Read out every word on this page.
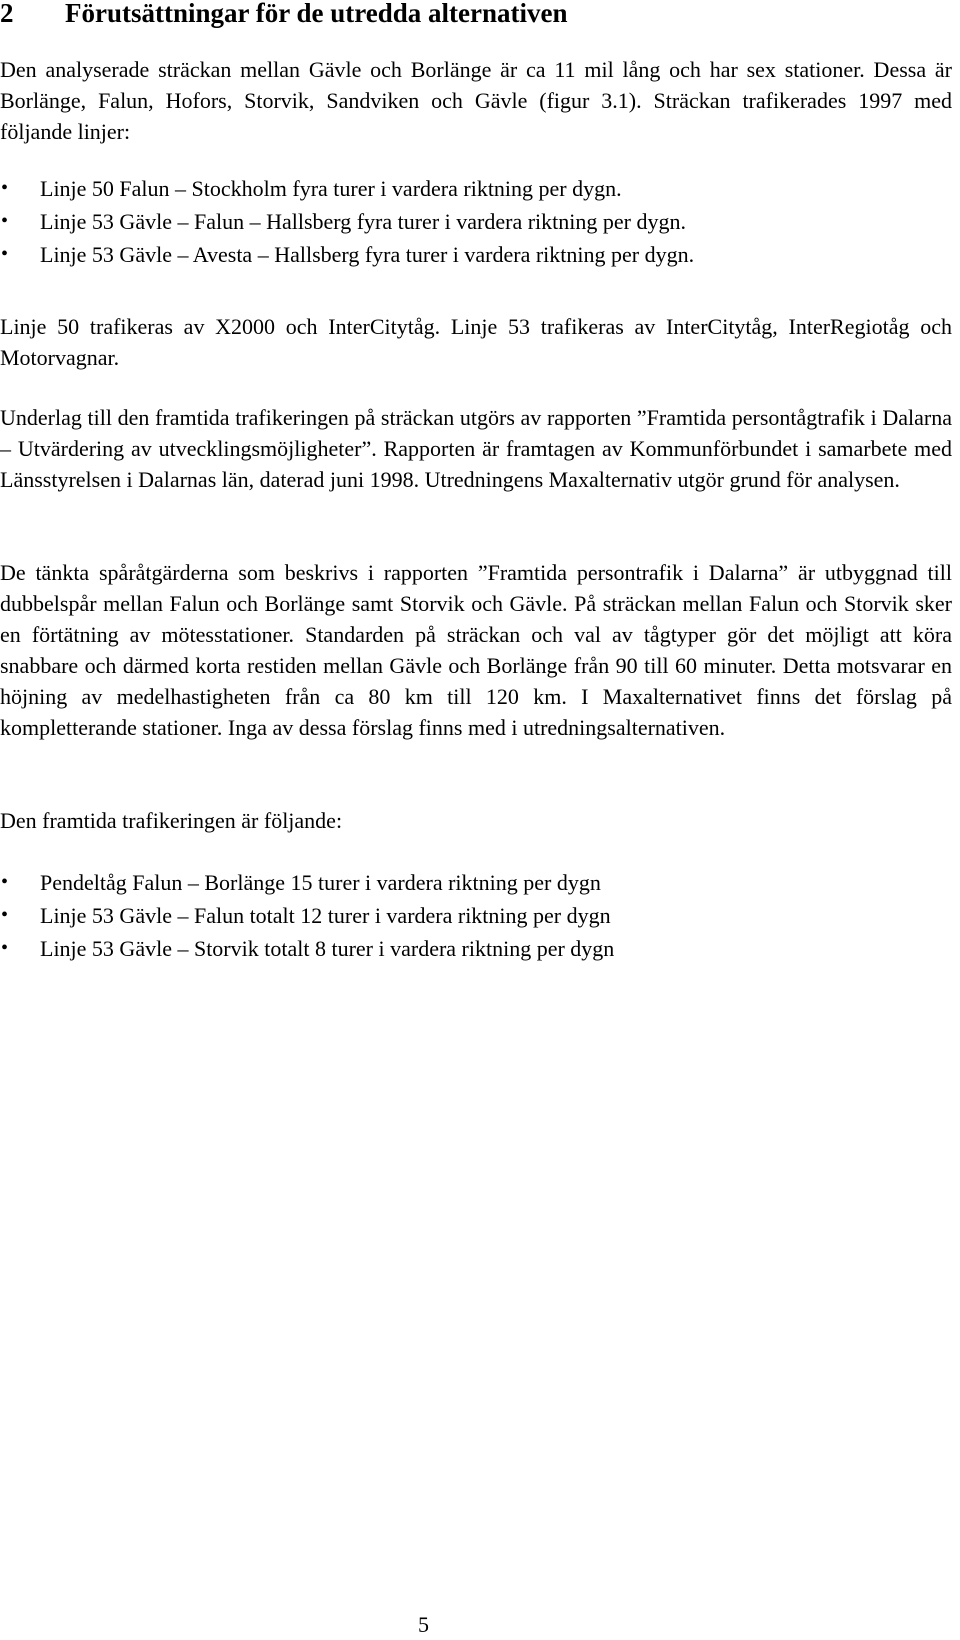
2 Förutsättningar för de utredda alternativen

Den analyserade sträckan mellan Gävle och Borlänge är ca 11 mil lång och har sex stationer. Dessa är Borlänge, Falun, Hofors, Storvik, Sandviken och Gävle (figur 3.1). Sträckan trafikerades 1997 med följande linjer:

•	Linje 50 Falun – Stockholm fyra turer i vardera riktning per dygn.
•	Linje 53 Gävle – Falun – Hallsberg fyra turer i vardera riktning per dygn.
•	Linje 53 Gävle – Avesta – Hallsberg fyra turer i vardera riktning per dygn.

Linje 50 trafikeras av X2000 och InterCitytåg. Linje 53 trafikeras av InterCitytåg, InterRegiotåg och Motorvagnar.

Underlag till den framtida trafikeringen på sträckan utgörs av rapporten ”Framtida persontågtrafik i Dalarna – Utvärdering av utvecklingsmöjligheter”. Rapporten är framtagen av Kommunförbundet i samarbete med Länsstyrelsen i Dalarnas län, daterad juni 1998. Utredningens Maxalternativ utgör grund för analysen.

De tänkta spåråtgärderna som beskrivs i rapporten ”Framtida persontrafik i Dalarna” är utbyggnad till dubbelspår mellan Falun och Borlänge samt Storvik och Gävle. På sträckan mellan Falun och Storvik sker en förtätning av mötesstationer. Standarden på sträckan och val av tågtyper gör det möjligt att köra snabbare och därmed korta restiden mellan Gävle och Borlänge från 90 till 60 minuter. Detta motsvarar en höjning av medelhastigheten från ca 80 km till 120 km. I Maxalternativet finns det förslag på kompletterande stationer. Inga av dessa förslag finns med i utredningsalternativen.

Den framtida trafikeringen är följande:

•	Pendeltåg Falun – Borlänge 15 turer i vardera riktning per dygn
•	Linje 53 Gävle – Falun totalt 12 turer i vardera riktning per dygn
•	Linje 53 Gävle – Storvik totalt 8 turer i vardera riktning per dygn
5
